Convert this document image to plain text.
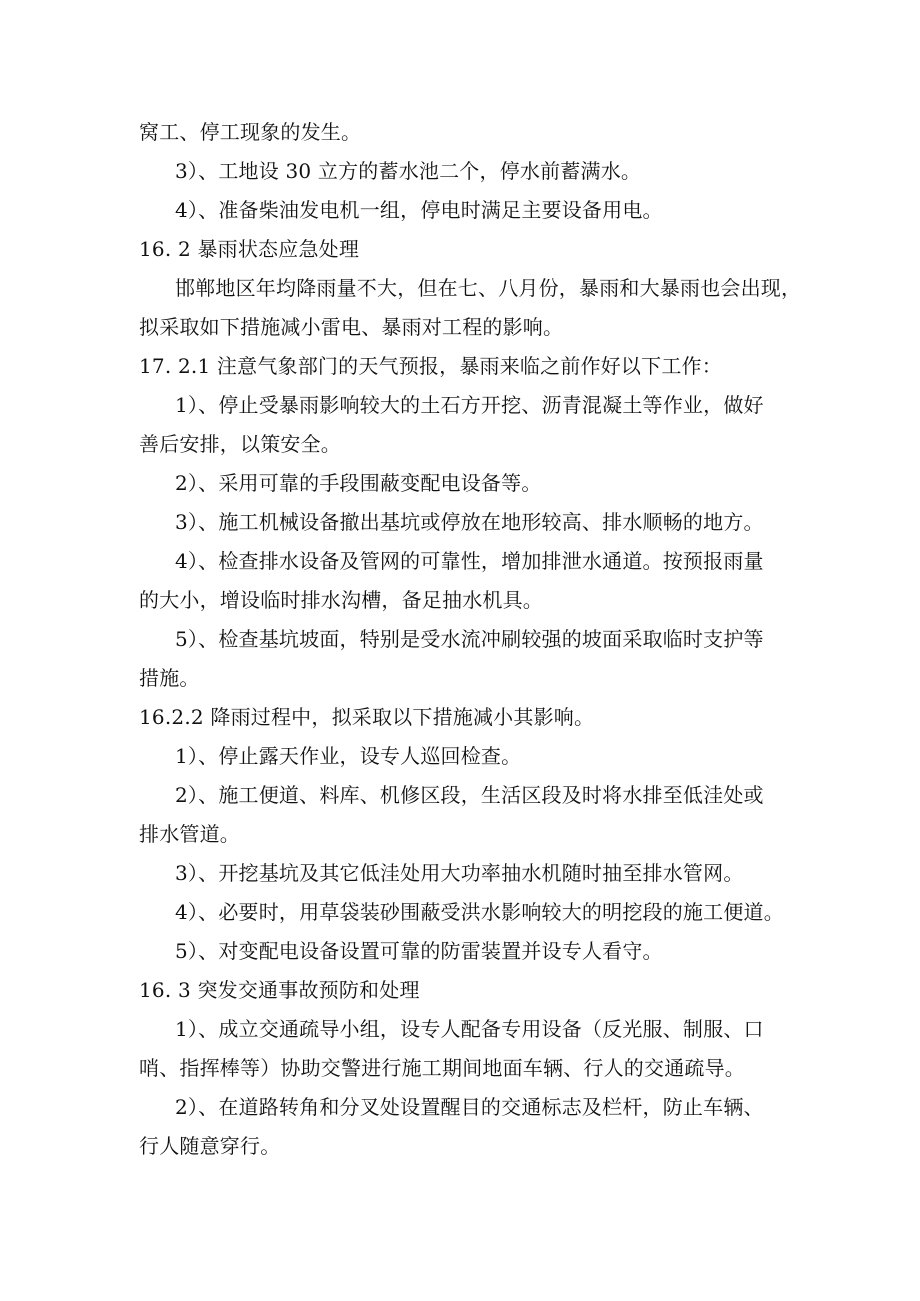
窝工、停工现象的发生。
3）、工地设 30 立方的蓄水池二个，停水前蓄满水。
4）、准备柴油发电机一组，停电时满足主要设备用电。
16. 2 暴雨状态应急处理
邯郸地区年均降雨量不大，但在七、八月份，暴雨和大暴雨也会出现，
拟采取如下措施减小雷电、暴雨对工程的影响。
17. 2.1 注意气象部门的天气预报，暴雨来临之前作好以下工作：
1）、停止受暴雨影响较大的土石方开挖、沥青混凝土等作业，做好
善后安排，以策安全。
2）、采用可靠的手段围蔽变配电设备等。
3）、施工机械设备撤出基坑或停放在地形较高、排水顺畅的地方。
4）、检查排水设备及管网的可靠性，增加排泄水通道。按预报雨量
的大小，增设临时排水沟槽，备足抽水机具。
5）、检查基坑坡面，特别是受水流冲刷较强的坡面采取临时支护等
措施。
16.2.2 降雨过程中，拟采取以下措施减小其影响。
1）、停止露天作业，设专人巡回检查。
2）、施工便道、料库、机修区段，生活区段及时将水排至低洼处或
排水管道。
3）、开挖基坑及其它低洼处用大功率抽水机随时抽至排水管网。
4）、必要时，用草袋装砂围蔽受洪水影响较大的明挖段的施工便道。
5）、对变配电设备设置可靠的防雷装置并设专人看守。
16. 3 突发交通事故预防和处理
1）、成立交通疏导小组，设专人配备专用设备（反光服、制服、口
哨、指挥棒等）协助交警进行施工期间地面车辆、行人的交通疏导。
2）、在道路转角和分叉处设置醒目的交通标志及栏杆，防止车辆、
行人随意穿行。
